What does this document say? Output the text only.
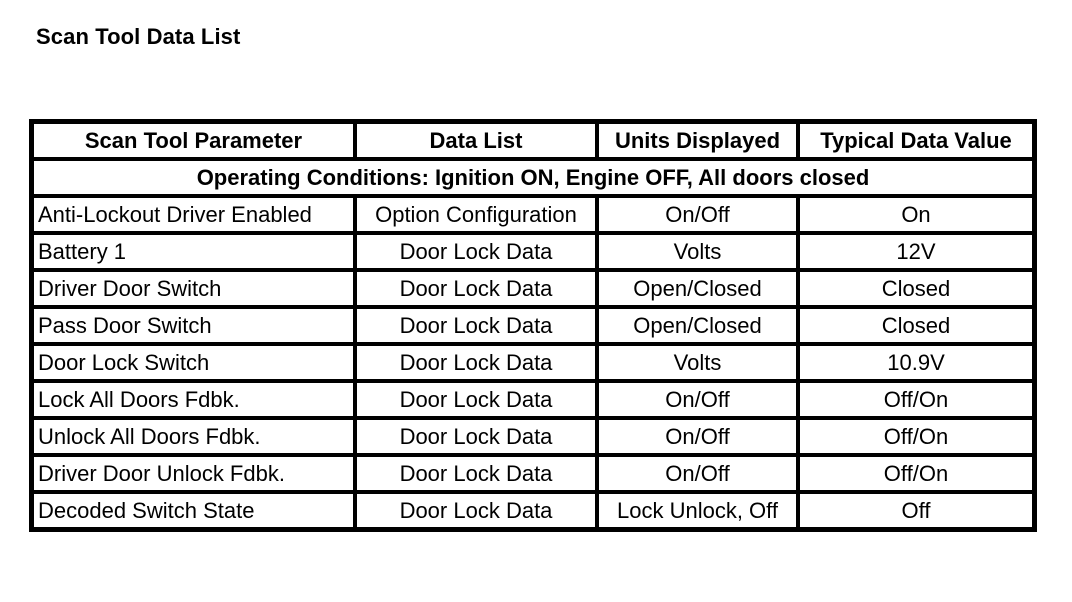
Scan Tool Data List
Scan Tool Parameter	Data List	Units Displayed	Typical Data Value
Operating Conditions: Ignition ON, Engine OFF, All doors closed			
Anti-Lockout Driver Enabled	Option Configuration	On/Off	On
Battery 1	Door Lock Data	Volts	12V
Driver Door Switch	Door Lock Data	Open/Closed	Closed
Pass Door Switch	Door Lock Data	Open/Closed	Closed
Door Lock Switch	Door Lock Data	Volts	10.9V
Lock All Doors Fdbk.	Door Lock Data	On/Off	Off/On
Unlock All Doors Fdbk.	Door Lock Data	On/Off	Off/On
Driver Door Unlock Fdbk.	Door Lock Data	On/Off	Off/On
Decoded Switch State	Door Lock Data	Lock Unlock, Off	Off
